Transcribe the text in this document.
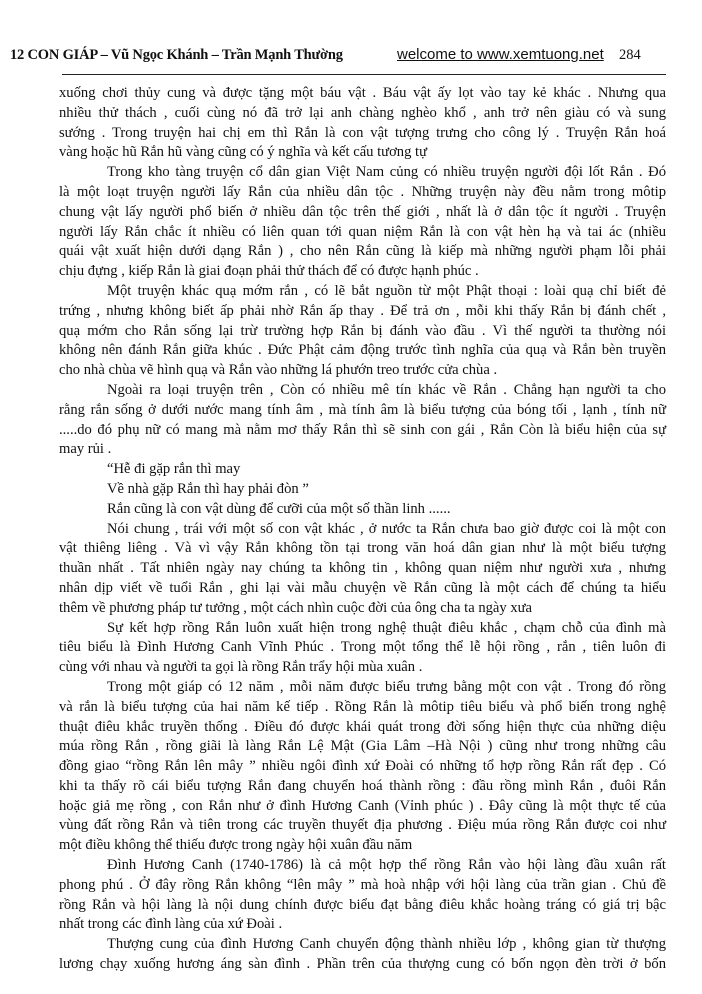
12 CON GIÁP – Vũ Ngọc Khánh – Trần Mạnh Thường	welcome to www.xemtuong.net 284
xuống chơi thủy cung và được tặng một báu vật . Báu vật ấy lọt vào tay kẻ khác . Nhưng qua
nhiều thử thách , cuối cùng nó đã trở lại anh chàng nghèo khổ , anh trở nên giàu có và sung
sướng . Trong truyện hai chị em thì Rắn là con vật tượng trưng cho công lý . Truyện Rắn hoá
vàng hoặc hũ Rắn hũ vàng cũng có ý nghĩa và kết cấu tương tự
Trong kho tàng truyện cổ dân gian Việt Nam củng có nhiều truyện người đội lốt Rắn . Đó
là một loạt truyện người lấy Rắn của nhiều dân tộc . Những truyện này đều nằm trong môtip
chung vật lấy người phổ biến ở nhiều dân tộc trên thế giới , nhất là ở dân tộc ít người . Truyện
người lấy Rắn chắc ít nhiều có liên quan tới quan niệm Rắn là con vật hèn hạ và tai ác (nhiều
quái vật xuất hiện dưới dạng Rắn ) , cho nên Rắn cũng là kiếp mà những người phạm lỗi phải
chịu đựng , kiếp Rắn là giai đoạn phải thử thách để có được hạnh phúc .
Một truyện khác quạ mớm rắn , có lẽ bắt nguồn từ một Phật thoại : loài quạ chỉ biết đẻ
trứng , nhưng không biết ấp phải nhờ Rắn ấp thay . Để trả ơn , mỗi khi thấy Rắn bị đánh chết ,
quạ mớm cho Rắn sống lại trừ trường hợp Rắn bị đánh vào đầu . Vì thế người ta thường nói
không nên đánh Rắn giữa khúc . Đức Phật cảm động trước tình nghĩa của quạ và Rắn bèn truyền
cho nhà chùa vẽ hình quạ và Rắn vào những lá phướn treo trước cửa chùa .
Ngoài ra loại truyện trên , Còn có nhiều mê tín khác về Rắn . Chẳng hạn người ta cho
rằng rắn sống ở dưới nước mang tính âm , mà tính âm là biểu tượng của bóng tối , lạnh , tính nữ
.....do đó phụ nữ có mang mà nằm mơ thấy Rắn thì sẽ sinh con gái , Rắn Còn là biểu hiện của sự
may rủi .
“Hễ đi gặp rắn thì may
Về nhà gặp Rắn thì hay phải đòn ”
Rắn cũng là con vật dùng để cưỡi của một số thần linh ......
Nói chung , trái với một số con vật khác , ở nước ta Rắn chưa bao giờ được coi là một con
vật thiêng liêng . Và vì vậy Rắn không tồn tại trong văn hoá dân gian như là một biểu tượng
thuần nhất . Tất nhiên ngày nay chúng ta không tin , không quan niệm như người xưa , nhưng
nhân dịp viết về tuổi Rắn , ghi lại vài mẫu chuyện về Rắn cũng là một cách để chúng ta hiểu
thêm về phương pháp tư tưởng , một cách nhìn cuộc đời của ông cha ta ngày xưa
Sự kết hợp rồng Rắn luôn xuất hiện trong nghệ thuật điêu khắc , chạm chỗ của đình mà
tiêu biểu là Đình Hương Canh Vĩnh Phúc . Trong một tổng thể lễ hội rồng , rắn , tiên luôn đi
cùng với nhau và người ta gọi là rồng Rắn trẩy hội mùa xuân .
Trong một giáp có 12 năm , mỗi năm được biểu trưng bằng một con vật . Trong đó rồng
và rắn là biểu tượng của hai năm kế tiếp . Rồng Rắn là môtip tiêu biểu và phổ biến trong nghệ
thuật điêu khắc truyền thống . Điều đó được khái quát trong đời sống hiện thực của những diệu
múa rồng Rắn , rồng giãi là làng Rắn Lệ Mật (Gia Lâm –Hà Nội ) cũng như trong những câu
đồng giao “rồng Rắn lên mây ” nhiều ngôi đình xứ Đoài có những tổ hợp rồng Rắn rất đẹp . Có
khi ta thấy rõ cái biểu tượng Rắn đang chuyển hoá thành rồng : đầu rồng mình Rắn , đuôi Rắn
hoặc giả mẹ rồng , con Rắn như ở đình Hương Canh (Vỉnh phúc ) . Đây cũng là một thực tế của
vùng đất rồng Rắn và tiên trong các truyền thuyết địa phương . Điệu múa rồng Rắn được coi như
một điều không thể thiếu được trong ngày hội xuân đầu năm
Đình Hương Canh (1740-1786) là cả một hợp thể rồng Rắn vào hội làng đầu xuân rất
phong phú . Ở đây rồng Rắn không “lên mây ” mà hoà nhập với hội làng của trần gian . Chủ đề
rồng Rắn và hội làng là nội dung chính được biểu đạt bằng điêu khắc hoàng tráng có giá trị bậc
nhất trong các đình làng của xứ Đoài .
Thượng cung của đình Hương Canh chuyển động thành nhiều lớp , không gian từ thượng
lương chạy xuống hương áng sàn đình . Phần trên của thượng cung có bốn ngọn đèn trời ở bốn
